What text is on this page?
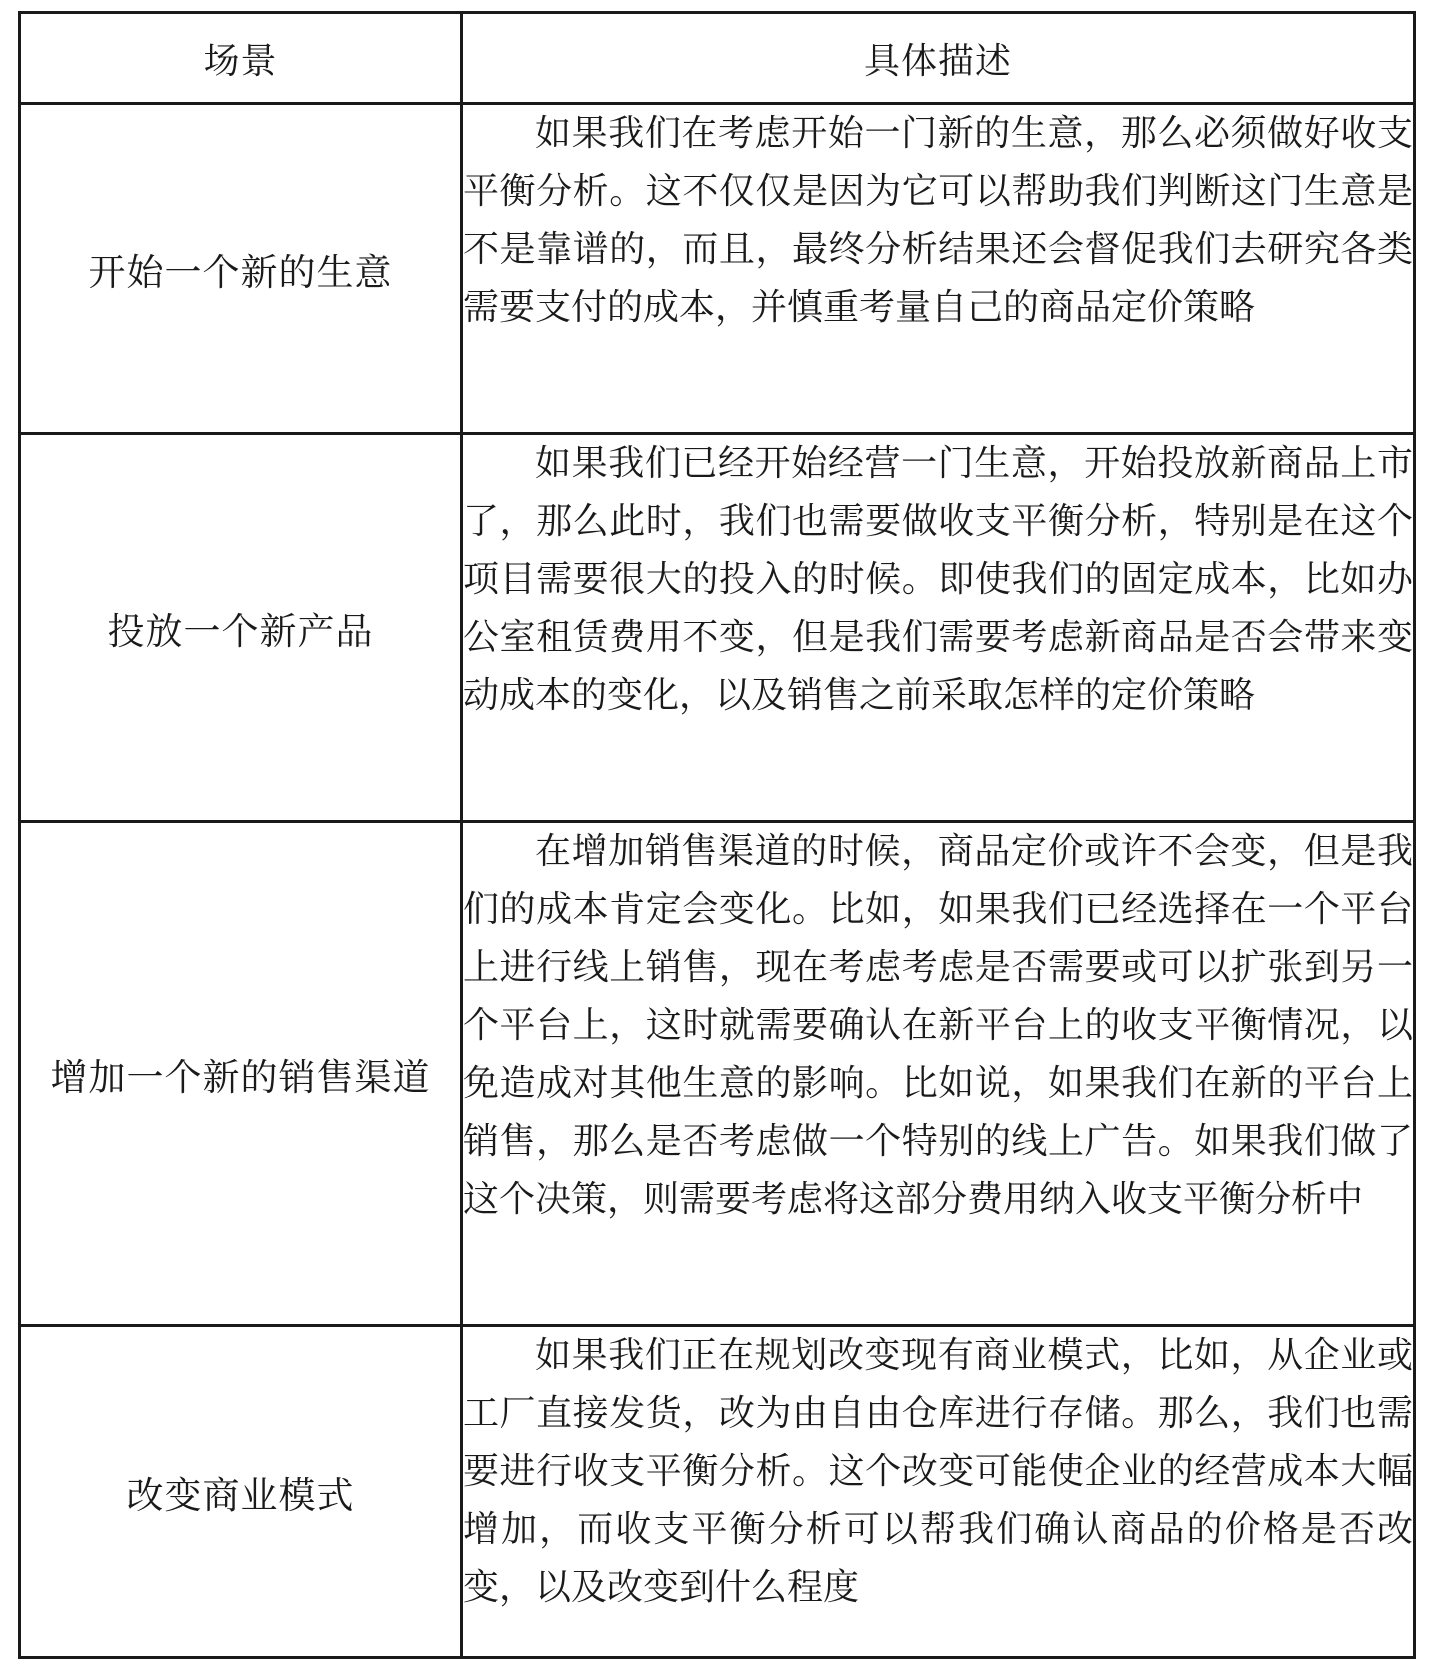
场景	具体描述
开始一个新的生意	如果我们在考虑开始一门新的生意，那么必须做好收支平衡分析。这不仅仅是因为它可以帮助我们判断这门生意是不是靠谱的，而且，最终分析结果还会督促我们去研究各类需要支付的成本，并慎重考量自己的商品定价策略

投放一个新产品	如果我们已经开始经营一门生意，开始投放新商品上市了，那么此时，我们也需要做收支平衡分析，特别是在这个项目需要很大的投入的时候。即使我们的固定成本，比如办公室租赁费用不变，但是我们需要考虑新商品是否会带来变动成本的变化，以及销售之前采取怎样的定价策略

增加一个新的销售渠道	在增加销售渠道的时候，商品定价或许不会变，但是我们的成本肯定会变化。比如，如果我们已经选择在一个平台上进行线上销售，现在考虑考虑是否需要或可以扩张到另一个平台上，这时就需要确认在新平台上的收支平衡情况，以免造成对其他生意的影响。比如说，如果我们在新的平台上销售，那么是否考虑做一个特别的线上广告。如果我们做了这个决策，则需要考虑将这部分费用纳入收支平衡分析中

改变商业模式	如果我们正在规划改变现有商业模式，比如，从企业或工厂直接发货，改为由自由仓库进行存储。那么，我们也需要进行收支平衡分析。这个改变可能使企业的经营成本大幅增加，而收支平衡分析可以帮我们确认商品的价格是否改变，以及改变到什么程度
